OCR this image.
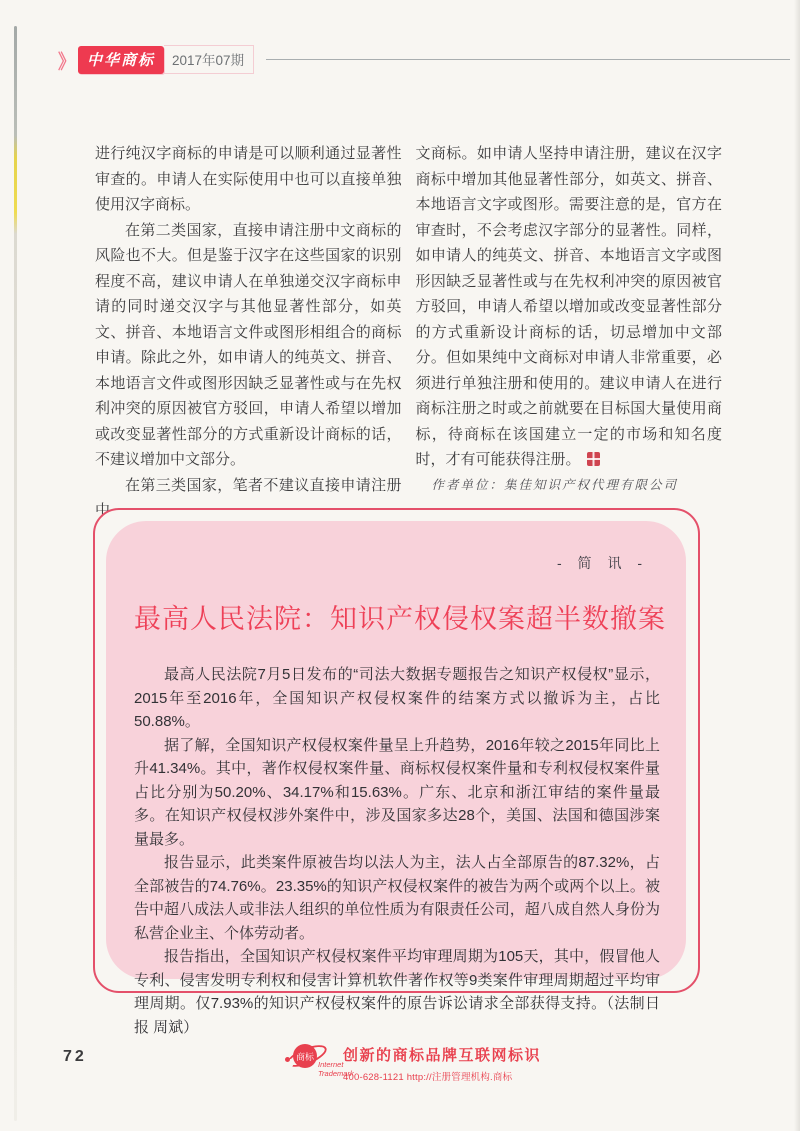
》 中华商标	2017年07期

进行纯汉字商标的申请是可以顺利通过显著性审查的。申请人在实际使用中也可以直接单独使用汉字商标。

在第二类国家，直接申请注册中文商标的风险也不大。但是鉴于汉字在这些国家的识别程度不高，建议申请人在单独递交汉字商标申请的同时递交汉字与其他显著性部分，如英文、拼音、本地语言文件或图形相组合的商标申请。除此之外，如申请人的纯英文、拼音、本地语言文件或图形因缺乏显著性或与在先权利冲突的原因被官方驳回，申请人希望以增加或改变显著性部分的方式重新设计商标的话，不建议增加中文部分。

在第三类国家，笔者不建议直接申请注册中

文商标。如申请人坚持申请注册，建议在汉字商标中增加其他显著性部分，如英文、拼音、本地语言文字或图形。需要注意的是，官方在审查时，不会考虑汉字部分的显著性。同样，如申请人的纯英文、拼音、本地语言文字或图形因缺乏显著性或与在先权利冲突的原因被官方驳回，申请人希望以增加或改变显著性部分的方式重新设计商标的话，切忌增加中文部分。但如果纯中文商标对申请人非常重要，必须进行单独注册和使用的。建议申请人在进行商标注册之时或之前就要在目标国大量使用商标，待商标在该国建立一定的市场和知名度时，才有可能获得注册。

作者单位：集佳知识产权代理有限公司

- 简 讯 -
最高人民法院：知识产权侵权案超半数撤案

最高人民法院7月5日发布的“司法大数据专题报告之知识产权侵权”显示，2015年至2016年，全国知识产权侵权案件的结案方式以撤诉为主，占比50.88%。

据了解，全国知识产权侵权案件量呈上升趋势，2016年较之2015年同比上升41.34%。其中，著作权侵权案件量、商标权侵权案件量和专利权侵权案件量占比分别为50.20%、34.17%和15.63%。广东、北京和浙江审结的案件量最多。在知识产权侵权涉外案件中，涉及国家多达28个，美国、法国和德国涉案量最多。

报告显示，此类案件原被告均以法人为主，法人占全部原告的87.32%，占全部被告的74.76%。23.35%的知识产权侵权案件的被告为两个或两个以上。被告中超八成法人或非法人组织的单位性质为有限责任公司，超八成自然人身份为私营企业主、个体劳动者。

报告指出，全国知识产权侵权案件平均审理周期为105天，其中，假冒他人专利、侵害发明专利权和侵害计算机软件著作权等9类案件审理周期超过平均审理周期。仅7.93%的知识产权侵权案件的原告诉讼请求全部获得支持。（法制日报 周斌）

72	商标
Internet
Trademark
创新的商标品牌互联网标识
400-628-1121 http://注册管理机构.商标
